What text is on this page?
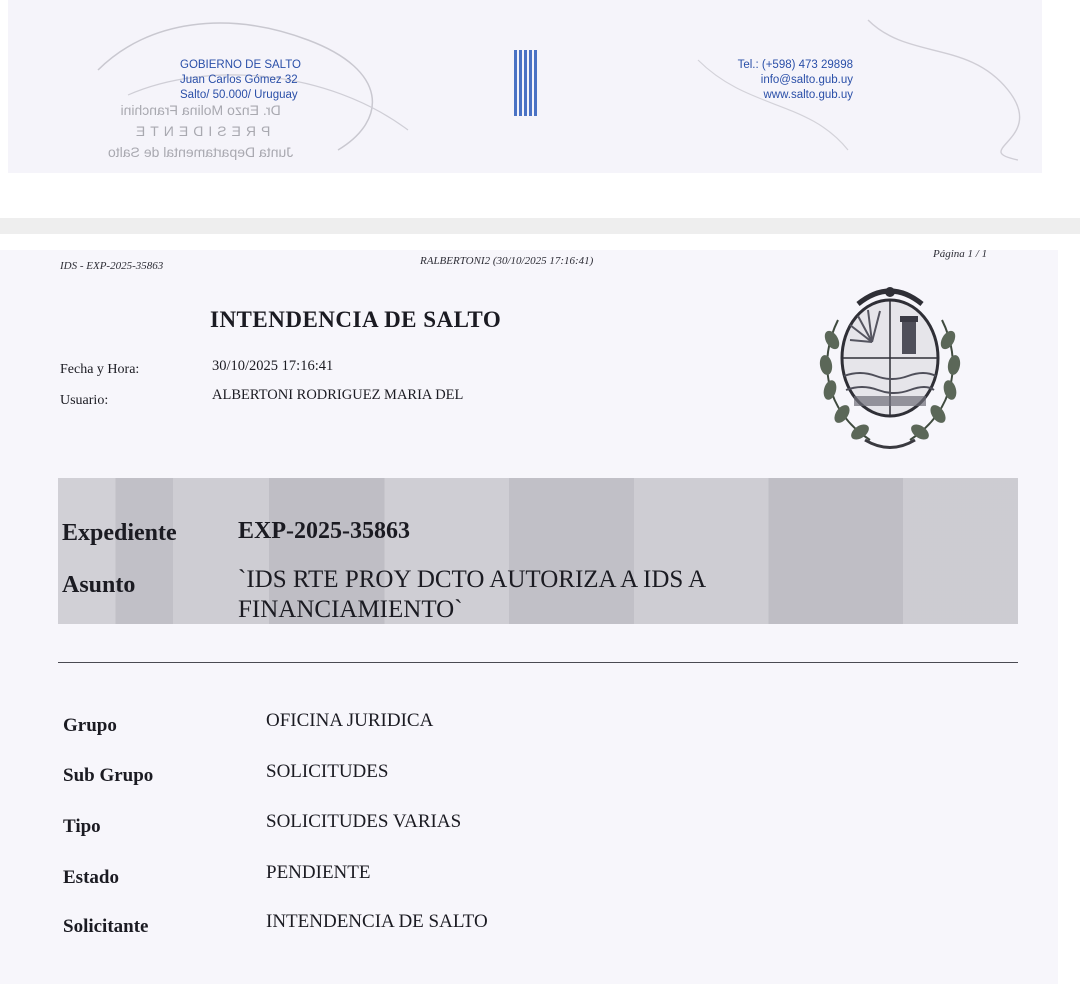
GOBIERNO DE SALTO
Juan Carlos Gómez 32
Salto/ 50.000/ Uruguay
Tel.: (+598) 473 29898
info@salto.gub.uy
www.salto.gub.uy
Dr. Enzo Molina Franchini
PRESIDENTE
Junta Departamental de Salto
IDS - EXP-2025-35863	RALBERTONI2 (30/10/2025 17:16:41)
Página 1 / 1
INTENDENCIA DE SALTO
Fecha y Hora:	30/10/2025 17:16:41
Usuario:	ALBERTONI RODRIGUEZ MARIA DEL
Expediente	EXP-2025-35863
Asunto	`IDS RTE PROY DCTO AUTORIZA A IDS A
FINANCIAMIENTO`
Grupo	OFICINA JURIDICA
Sub Grupo	SOLICITUDES
Tipo	SOLICITUDES VARIAS
Estado	PENDIENTE
Solicitante	INTENDENCIA DE SALTO
